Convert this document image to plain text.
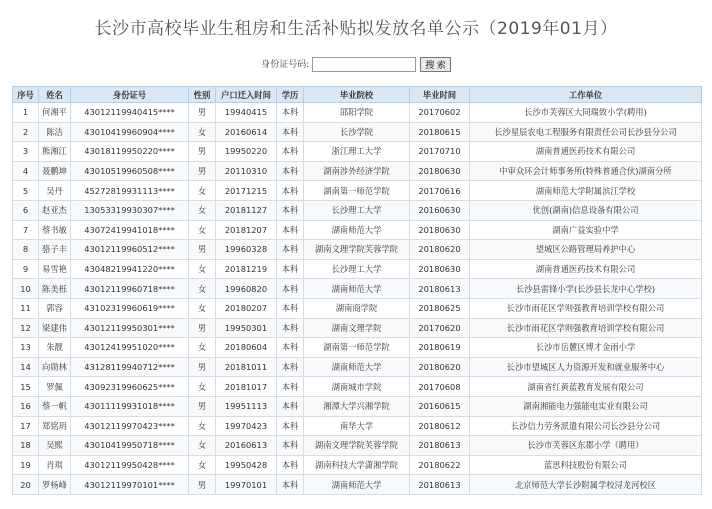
长沙市高校毕业生租房和生活补贴拟发放名单公示（2019年01月）
身份证号码:	搜 索
序号	姓名	身份证号	性别	户口迁入时间	学历	毕业院校	毕业时间	工作单位
1	何湘平	43012119940415****	男	19940415	本科	邵阳学院	20170602	长沙市芙蓉区大同瑞致小学(聘用)
2	陈洁	43010419960904****	女	20160614	本科	长沙学院	20180615	长沙星辰农电工程服务有限责任公司长沙县分公司
3	熊湘江	43018119950220****	男	19950220	本科	浙江理工大学	20170710	湖南普通医药技术有限公司
4	聂鹏坤	43010519960508****	男	20110310	本科	湖南涉外经济学院	20180630	中审众环会计师事务所(特殊普通合伙)湖南分所
5	吴丹	45272819931113****	女	20171215	本科	湖南第一师范学院	20170616	湖南师范大学附属滨江学校
6	赵亚杰	13053319930307****	女	20181127	本科	长沙理工大学	20160630	优创(湖南)信息设备有限公司
7	蔡书敏	43072419941018****	女	20181207	本科	湖南师范大学	20180630	湖南广益实验中学
8	骆子丰	43012119960512****	男	19960328	本科	湖南文理学院芙蓉学院	20180620	望城区公路管理局养护中心
9	易雪艳	43048219941220****	女	20181219	本科	长沙理工大学	20180630	湖南普通医药技术有限公司
10	陈美栎	43012119960718****	女	19960820	本科	湖南师范大学	20180613	长沙县雷锋小学(长沙县长龙中心学校)
11	郭容	43102319960619****	女	20180207	本科	湖南商学院	20180625	长沙市雨花区学则强教育培训学校有限公司
12	梁建伟	43012119950301****	男	19950301	本科	湖南文理学院	20170620	长沙市雨花区学则强教育培训学校有限公司
13	朱靓	43012419951020****	女	20180604	本科	湖南第一师范学院	20180619	长沙市岳麓区博才金雨小学
14	向勋林	43128119940712****	男	20181011	本科	湖南师范大学	20180620	长沙市望城区人力资源开发和就业服务中心
15	罗佩	43092319960625****	女	20181017	本科	湖南城市学院	20170608	湖南省红黄蓝教育发展有限公司
16	蔡一帆	43011119931018****	男	19951113	本科	湘潭大学兴湘学院	20160615	湖南湘能电力强能电实业有限公司
17	郑铭玥	43012119970423****	女	19970423	本科	南华大学	20180612	长沙信力劳务派遣有限公司长沙县分公司
18	吴熙	43010419950718****	女	20160613	本科	湖南文理学院芙蓉学院	20180613	长沙市芙蓉区东郡小学（聘用）
19	肖琪	43012119950428****	女	19950428	本科	湖南科技大学潇湘学院	20180622	蓝思科技股份有限公司
20	罗杨峰	43012119970101****	男	19970101	本科	湖南师范大学	20180613	北京师范大学长沙附属学校浔龙河校区
